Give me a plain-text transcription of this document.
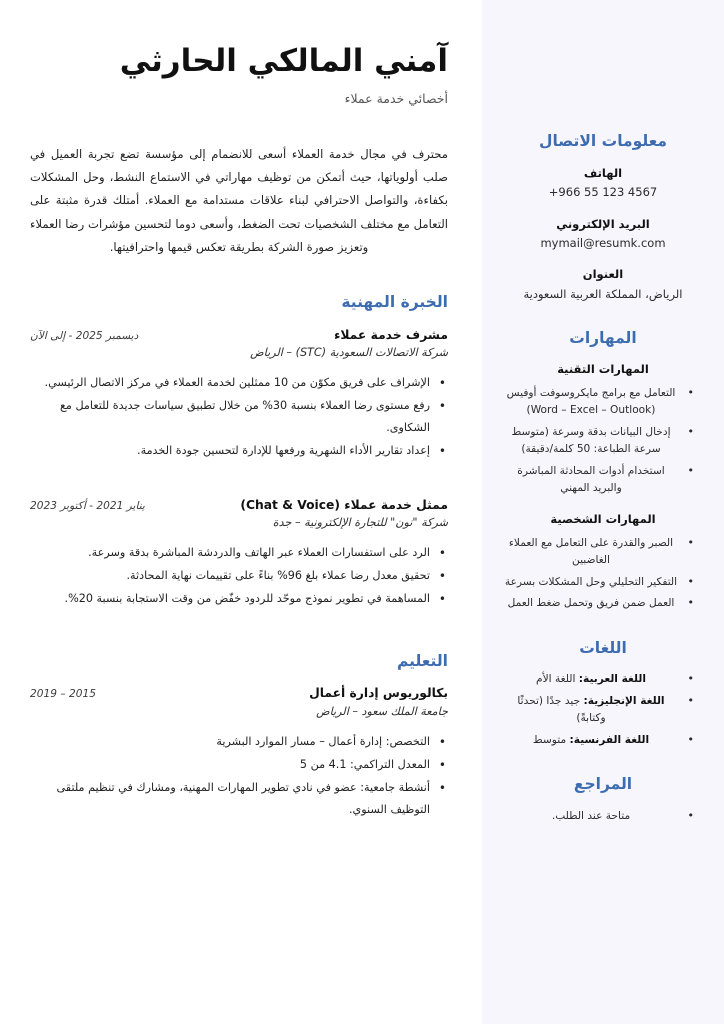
معلومات الاتصال
الهاتف
+966 55 123 4567
البريد الإلكتروني
mymail@resumk.com
العنوان
الرياض، المملكة العربية السعودية
المهارات
المهارات التقنية
• التعامل مع برامج مايكروسوفت أوفيس (Word – Excel – Outlook)
• إدخال البيانات بدقة وسرعة (متوسط سرعة الطباعة: 50 كلمة/دقيقة)
• استخدام أدوات المحادثة المباشرة والبريد المهني
المهارات الشخصية
• الصبر والقدرة على التعامل مع العملاء الغاضبين
• التفكير التحليلي وحل المشكلات بسرعة
• العمل ضمن فريق وتحمل ضغط العمل
اللغات
• اللغة العربية: اللغة الأم
• اللغة الإنجليزية: جيد جدًا (تحدثًا وكتابةً)
• اللغة الفرنسية: متوسط
المراجع
• متاحة عند الطلب.
آمني المالكي الحارثي
أخصائي خدمة عملاء

محترف في مجال خدمة العملاء أسعى للانضمام إلى مؤسسة تضع تجربة العميل في صلب أولوياتها، حيث أتمكن من توظيف مهاراتي في الاستماع النشط، وحل المشكلات بكفاءة، والتواصل الاحترافي لبناء علاقات مستدامة مع العملاء. أمتلك قدرة مثبتة على التعامل مع مختلف الشخصيات تحت الضغط، وأسعى دوما لتحسين مؤشرات رضا العملاء وتعزيز صورة الشركة بطريقة تعكس قيمها واحترافيتها.

الخبرة المهنية
مشرف خدمة عملاء
ديسمبر 2025 - إلى الآن
شركة الاتصالات السعودية (STC) – الرياض
• الإشراف على فريق مكوّن من 10 ممثلين لخدمة العملاء في مركز الاتصال الرئيسي.
• رفع مستوى رضا العملاء بنسبة 30% من خلال تطبيق سياسات جديدة للتعامل مع الشكاوى.
• إعداد تقارير الأداء الشهرية ورفعها للإدارة لتحسين جودة الخدمة.
ممثل خدمة عملاء (Chat & Voice)
يناير 2021 - أكتوبر 2023
شركة "نون" للتجارة الإلكترونية – جدة
• الرد على استفسارات العملاء عبر الهاتف والدردشة المباشرة بدقة وسرعة.
• تحقيق معدل رضا عملاء بلغ 96% بناءً على تقييمات نهاية المحادثة.
• المساهمة في تطوير نموذج موحّد للردود خفّض من وقت الاستجابة بنسبة 20%.
التعليم
بكالوريوس إدارة أعمال
2015 – 2019
جامعة الملك سعود – الرياض
• التخصص: إدارة أعمال – مسار الموارد البشرية
• المعدل التراكمي: 4.1 من 5
• أنشطة جامعية: عضو في نادي تطوير المهارات المهنية، ومشارك في تنظيم ملتقى التوظيف السنوي.
